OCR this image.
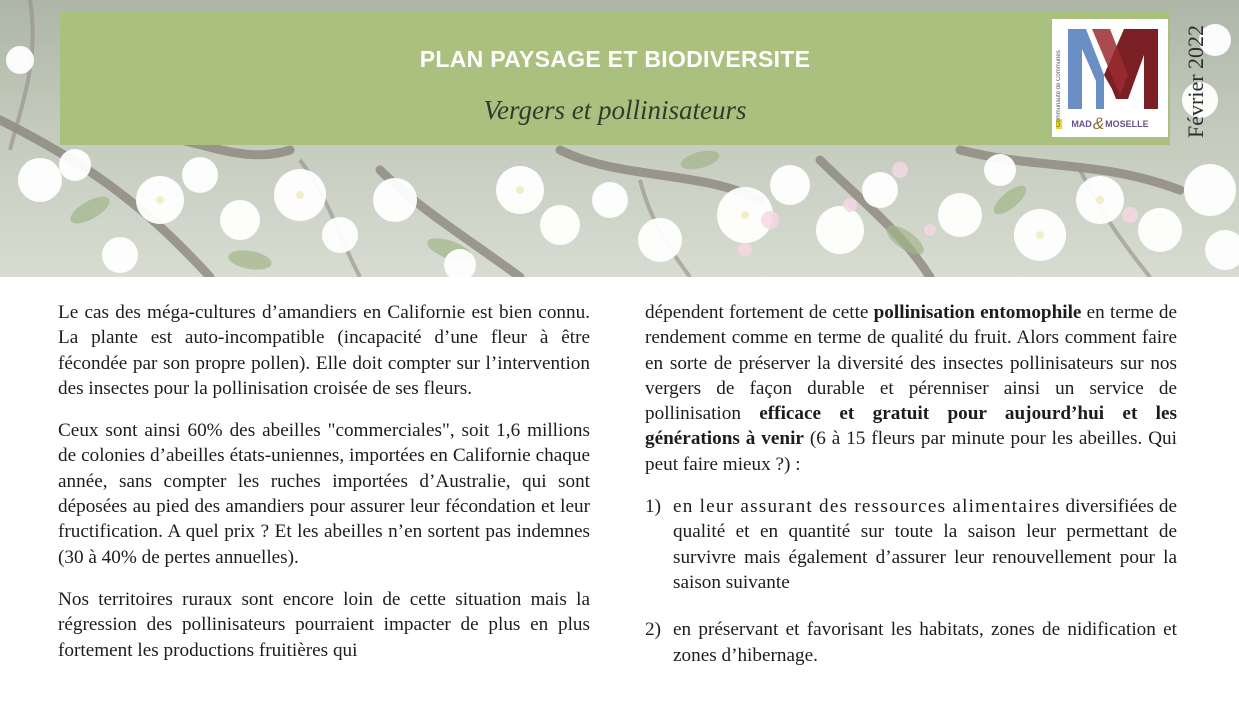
PLAN PAYSAGE ET BIODIVERSITE
Vergers et pollinisateurs	Communauté de Communes MAD & MOSELLE Février 2022

Le cas des méga-cultures d’amandiers en Californie est bien connu. La plante est auto-incompatible (incapacité d’une fleur à être fécondée par son propre pollen). Elle doit compter sur l’intervention des insectes pour la pollinisation croisée de ses fleurs.

Ceux sont ainsi 60% des abeilles "commerciales", soit 1,6 millions de colonies d’abeilles états-uniennes, importées en Californie chaque année, sans compter les ruches importées d’Australie, qui sont déposées au pied des amandiers pour assurer leur fécondation et leur fructification. A quel prix ? Et les abeilles n’en sortent pas indemnes (30 à 40% de pertes annuelles).

Nos territoires ruraux sont encore loin de cette situation mais la régression des pollinisateurs pourraient impacter de plus en plus fortement les productions fruitières qui

dépendent fortement de cette pollinisation entomophile en terme de rendement comme en terme de qualité du fruit. Alors comment faire en sorte de préserver la diversité des insectes pollinisateurs sur nos vergers de façon durable et pérenniser ainsi un service de pollinisation efficace et gratuit pour aujourd’hui et les générations à venir (6 à 15 fleurs par minute pour les abeilles. Qui peut faire mieux ?) :

1) en leur assurant des ressources alimentaires diversifiées de qualité et en quantité sur toute la saison leur permettant de survivre mais également d’assurer leur renouvellement pour la saison suivante
2) en préservant et favorisant les habitats, zones de nidification et zones d’hibernage.
